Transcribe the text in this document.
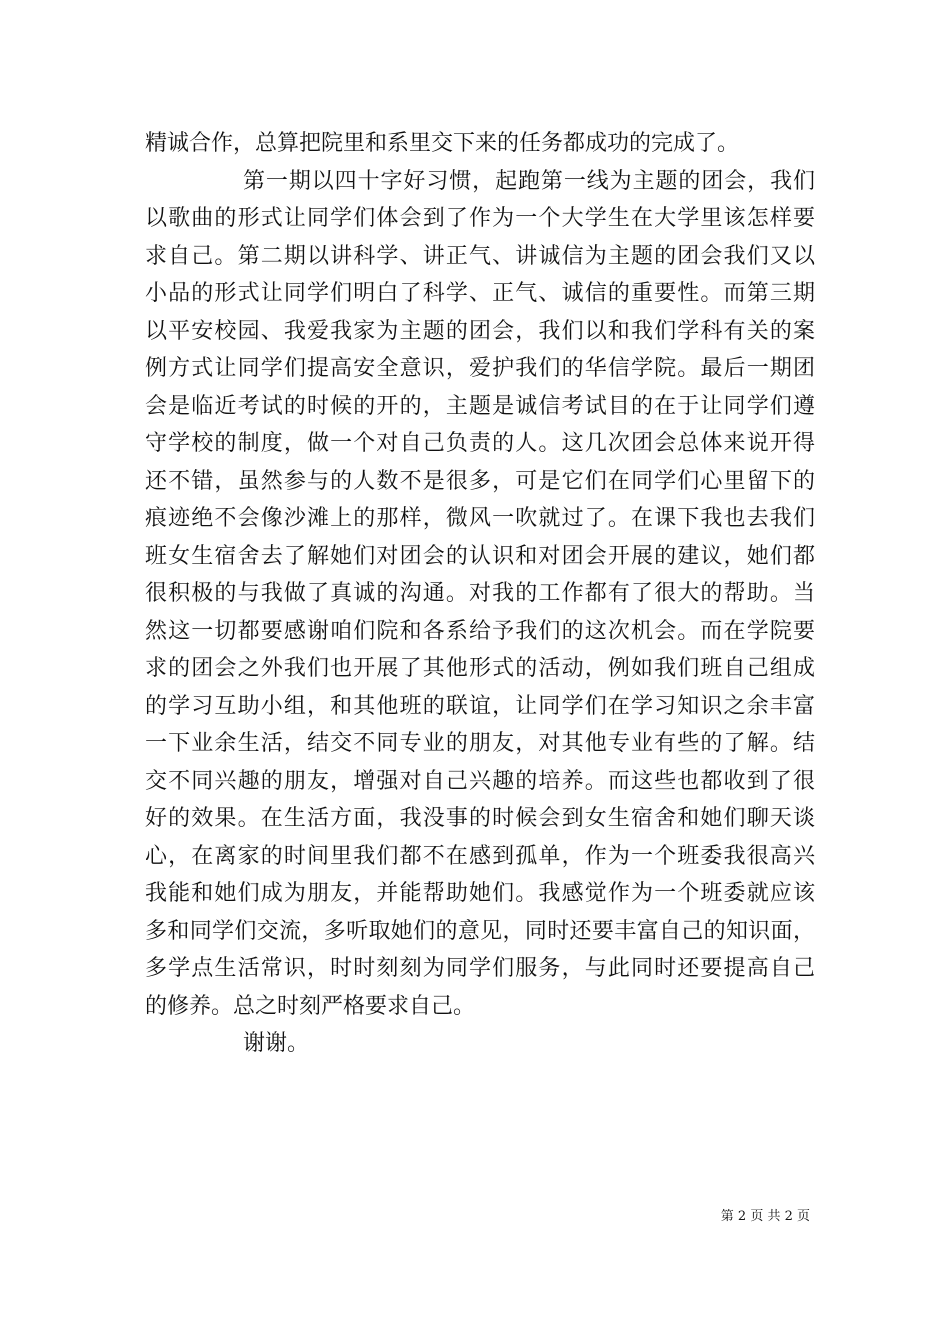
精诚合作，总算把院里和系里交下来的任务都成功的完成了。
第一期以四十字好习惯，起跑第一线为主题的团会，我们
以歌曲的形式让同学们体会到了作为一个大学生在大学里该怎样要
求自己。第二期以讲科学、讲正气、讲诚信为主题的团会我们又以
小品的形式让同学们明白了科学、正气、诚信的重要性。而第三期
以平安校园、我爱我家为主题的团会，我们以和我们学科有关的案
例方式让同学们提高安全意识，爱护我们的华信学院。最后一期团
会是临近考试的时候的开的，主题是诚信考试目的在于让同学们遵
守学校的制度，做一个对自己负责的人。这几次团会总体来说开得
还不错，虽然参与的人数不是很多，可是它们在同学们心里留下的
痕迹绝不会像沙滩上的那样，微风一吹就过了。在课下我也去我们
班女生宿舍去了解她们对团会的认识和对团会开展的建议，她们都
很积极的与我做了真诚的沟通。对我的工作都有了很大的帮助。当
然这一切都要感谢咱们院和各系给予我们的这次机会。而在学院要
求的团会之外我们也开展了其他形式的活动，例如我们班自己组成
的学习互助小组，和其他班的联谊，让同学们在学习知识之余丰富
一下业余生活，结交不同专业的朋友，对其他专业有些的了解。结
交不同兴趣的朋友，增强对自己兴趣的培养。而这些也都收到了很
好的效果。在生活方面，我没事的时候会到女生宿舍和她们聊天谈
心，在离家的时间里我们都不在感到孤单，作为一个班委我很高兴
我能和她们成为朋友，并能帮助她们。我感觉作为一个班委就应该
多和同学们交流，多听取她们的意见，同时还要丰富自己的知识面，
多学点生活常识，时时刻刻为同学们服务，与此同时还要提高自己
的修养。总之时刻严格要求自己。
谢谢。
第 2 页 共 2 页
